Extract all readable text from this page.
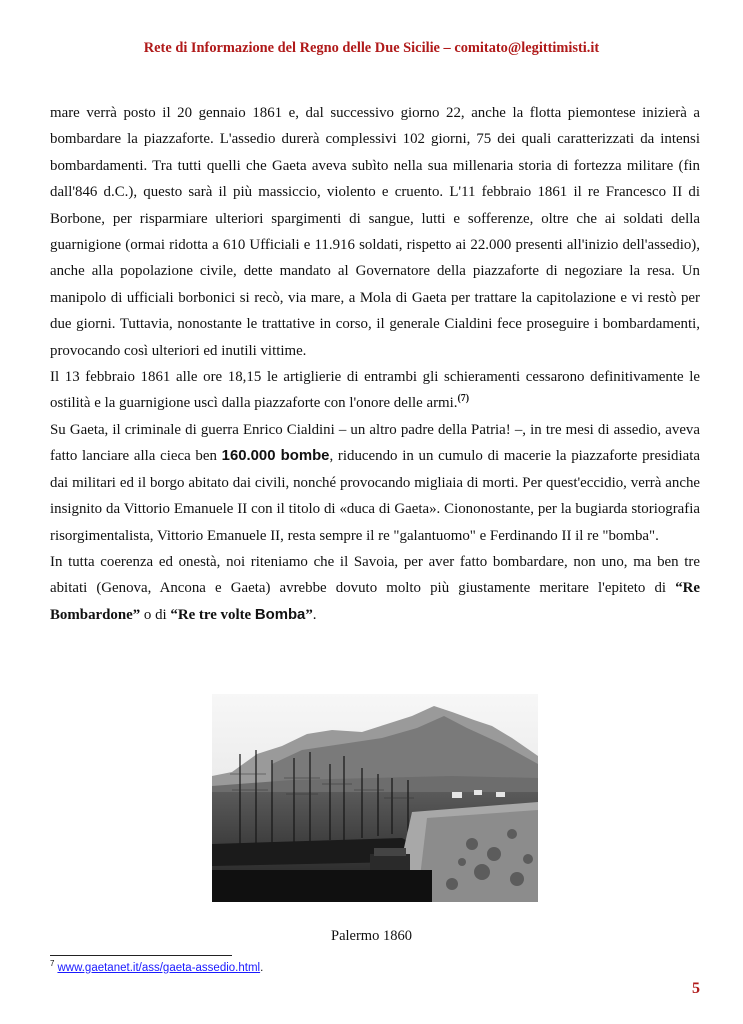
Rete di Informazione del Regno delle Due Sicilie – comitato@legittimisti.it

mare verrà posto il 20 gennaio 1861 e, dal successivo giorno 22, anche la flotta piemontese inizierà a bombardare la piazzaforte. L'assedio durerà complessivi 102 giorni, 75 dei quali caratterizzati da intensi bombardamenti. Tra tutti quelli che Gaeta aveva subìto nella sua millenaria storia di fortezza militare (fin dall'846 d.C.), questo sarà il più massiccio, violento e cruento. L'11 febbraio 1861 il re Francesco II di Borbone, per risparmiare ulteriori spargimenti di sangue, lutti e sofferenze, oltre che ai soldati della guarnigione (ormai ridotta a 610 Ufficiali e 11.916 soldati, rispetto ai 22.000 presenti all'inizio dell'assedio), anche alla popolazione civile, dette mandato al Governatore della piazzaforte di negoziare la resa. Un manipolo di ufficiali borbonici si recò, via mare, a Mola di Gaeta per trattare la capitolazione e vi restò per due giorni. Tuttavia, nonostante le trattative in corso, il generale Cialdini fece proseguire i bombardamenti, provocando così ulteriori ed inutili vittime.

Il 13 febbraio 1861 alle ore 18,15 le artiglierie di entrambi gli schieramenti cessarono definitivamente le ostilità e la guarnigione uscì dalla piazzaforte con l'onore delle armi.$^{(7)}$

Su Gaeta, il criminale di guerra Enrico Cialdini – un altro padre della Patria! –, in tre mesi di assedio, aveva fatto lanciare alla cieca ben 160.000 bombe, riducendo in un cumulo di macerie la piazzaforte presidiata dai militari ed il borgo abitato dai civili, nonché provocando migliaia di morti. Per quest'eccidio, verrà anche insignito da Vittorio Emanuele II con il titolo di «duca di Gaeta». Ciononostante, per la bugiarda storiografia risorgimentalista, Vittorio Emanuele II, resta sempre il re "galantuomo" e Ferdinando II il re "bomba".

In tutta coerenza ed onestà, noi riteniamo che il Savoia, per aver fatto bombardare, non uno, ma ben tre abitati (Genova, Ancona e Gaeta) avrebbe dovuto molto più giustamente meritare l'epiteto di “Re Bombardone” o di “Re tre volte Bomba”.

Palermo 1860
$^7$ www.gaetanet.it/ass/gaeta-assedio.html.
5
